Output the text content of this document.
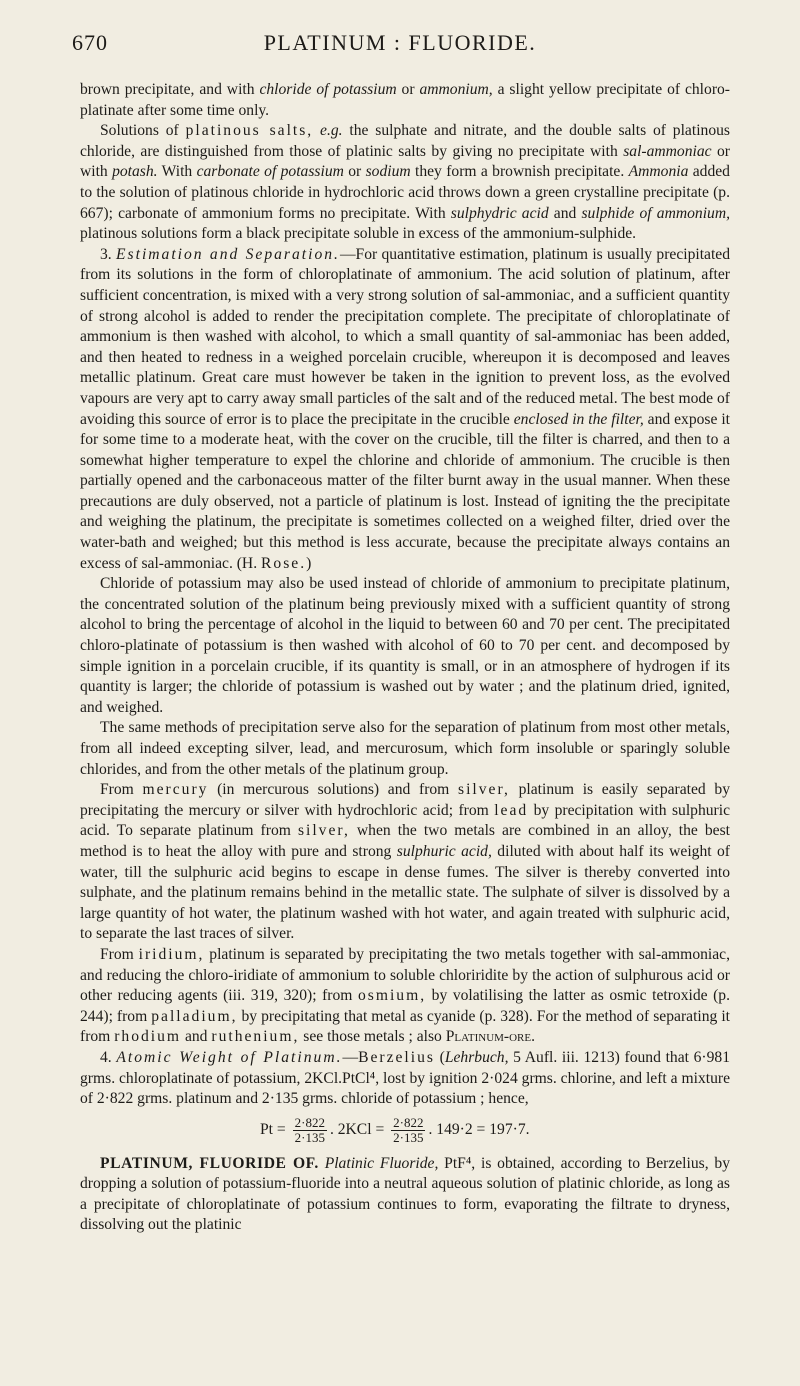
670	PLATINUM : FLUORIDE.

brown precipitate, and with chloride of potassium or ammonium, a slight yellow precipitate of chloro-platinate after some time only.

Solutions of platinous salts, e.g. the sulphate and nitrate, and the double salts of platinous chloride, are distinguished from those of platinic salts by giving no precipitate with sal-ammoniac or with potash. With carbonate of potassium or sodium they form a brownish precipitate. Ammonia added to the solution of platinous chloride in hydrochloric acid throws down a green crystalline precipitate (p. 667); carbonate of ammonium forms no precipitate. With sulphydric acid and sulphide of ammonium, platinous solutions form a black precipitate soluble in excess of the ammonium-sulphide.

3. Estimation and Separation.—For quantitative estimation, platinum is usually precipitated from its solutions in the form of chloroplatinate of ammonium. The acid solution of platinum, after sufficient concentration, is mixed with a very strong solution of sal-ammoniac, and a sufficient quantity of strong alcohol is added to render the precipitation complete. The precipitate of chloroplatinate of ammonium is then washed with alcohol, to which a small quantity of sal-ammoniac has been added, and then heated to redness in a weighed porcelain crucible, whereupon it is decomposed and leaves metallic platinum. Great care must however be taken in the ignition to prevent loss, as the evolved vapours are very apt to carry away small particles of the salt and of the reduced metal. The best mode of avoiding this source of error is to place the precipitate in the crucible enclosed in the filter, and expose it for some time to a moderate heat, with the cover on the crucible, till the filter is charred, and then to a somewhat higher temperature to expel the chlorine and chloride of ammonium. The crucible is then partially opened and the carbonaceous matter of the filter burnt away in the usual manner. When these precautions are duly observed, not a particle of platinum is lost. Instead of igniting the the precipitate and weighing the platinum, the precipitate is sometimes collected on a weighed filter, dried over the water-bath and weighed; but this method is less accurate, because the precipitate always contains an excess of sal-ammoniac. (H. Rose.)

Chloride of potassium may also be used instead of chloride of ammonium to precipitate platinum, the concentrated solution of the platinum being previously mixed with a sufficient quantity of strong alcohol to bring the percentage of alcohol in the liquid to between 60 and 70 per cent. The precipitated chloro-platinate of potassium is then washed with alcohol of 60 to 70 per cent. and decomposed by simple ignition in a porcelain crucible, if its quantity is small, or in an atmosphere of hydrogen if its quantity is larger; the chloride of potassium is washed out by water ; and the platinum dried, ignited, and weighed.

The same methods of precipitation serve also for the separation of platinum from most other metals, from all indeed excepting silver, lead, and mercurosum, which form insoluble or sparingly soluble chlorides, and from the other metals of the platinum group.

From mercury (in mercurous solutions) and from silver, platinum is easily separated by precipitating the mercury or silver with hydrochloric acid; from lead by precipitation with sulphuric acid. To separate platinum from silver, when the two metals are combined in an alloy, the best method is to heat the alloy with pure and strong sulphuric acid, diluted with about half its weight of water, till the sulphuric acid begins to escape in dense fumes. The silver is thereby converted into sulphate, and the platinum remains behind in the metallic state. The sulphate of silver is dissolved by a large quantity of hot water, the platinum washed with hot water, and again treated with sulphuric acid, to separate the last traces of silver.

From iridium, platinum is separated by precipitating the two metals together with sal-ammoniac, and reducing the chloro-iridiate of ammonium to soluble chloriridite by the action of sulphurous acid or other reducing agents (iii. 319, 320); from osmium, by volatilising the latter as osmic tetroxide (p. 244); from palladium, by precipitating that metal as cyanide (p. 328). For the method of separating it from rhodium and ruthenium, see those metals ; also Platinum-ore.

4. Atomic Weight of Platinum.—Berzelius (Lehrbuch, 5 Aufl. iii. 1213) found that 6·981 grms. chloroplatinate of potassium, 2KCl.PtCl⁴, lost by ignition 2·024 grms. chlorine, and left a mixture of 2·822 grms. platinum and 2·135 grms. chloride of potassium ; hence,

$Pt = \frac{2\cdot 822}{2\cdot 135}$ . $2KCl = \frac{2\cdot 822}{2\cdot 135}$ . 149·2 = 197·7.

PLATINUM, FLUORIDE OF. Platinic Fluoride, PtF⁴, is obtained, according to Berzelius, by dropping a solution of potassium-fluoride into a neutral aqueous solution of platinic chloride, as long as a precipitate of chloroplatinate of potassium continues to form, evaporating the filtrate to dryness, dissolving out the platinic
